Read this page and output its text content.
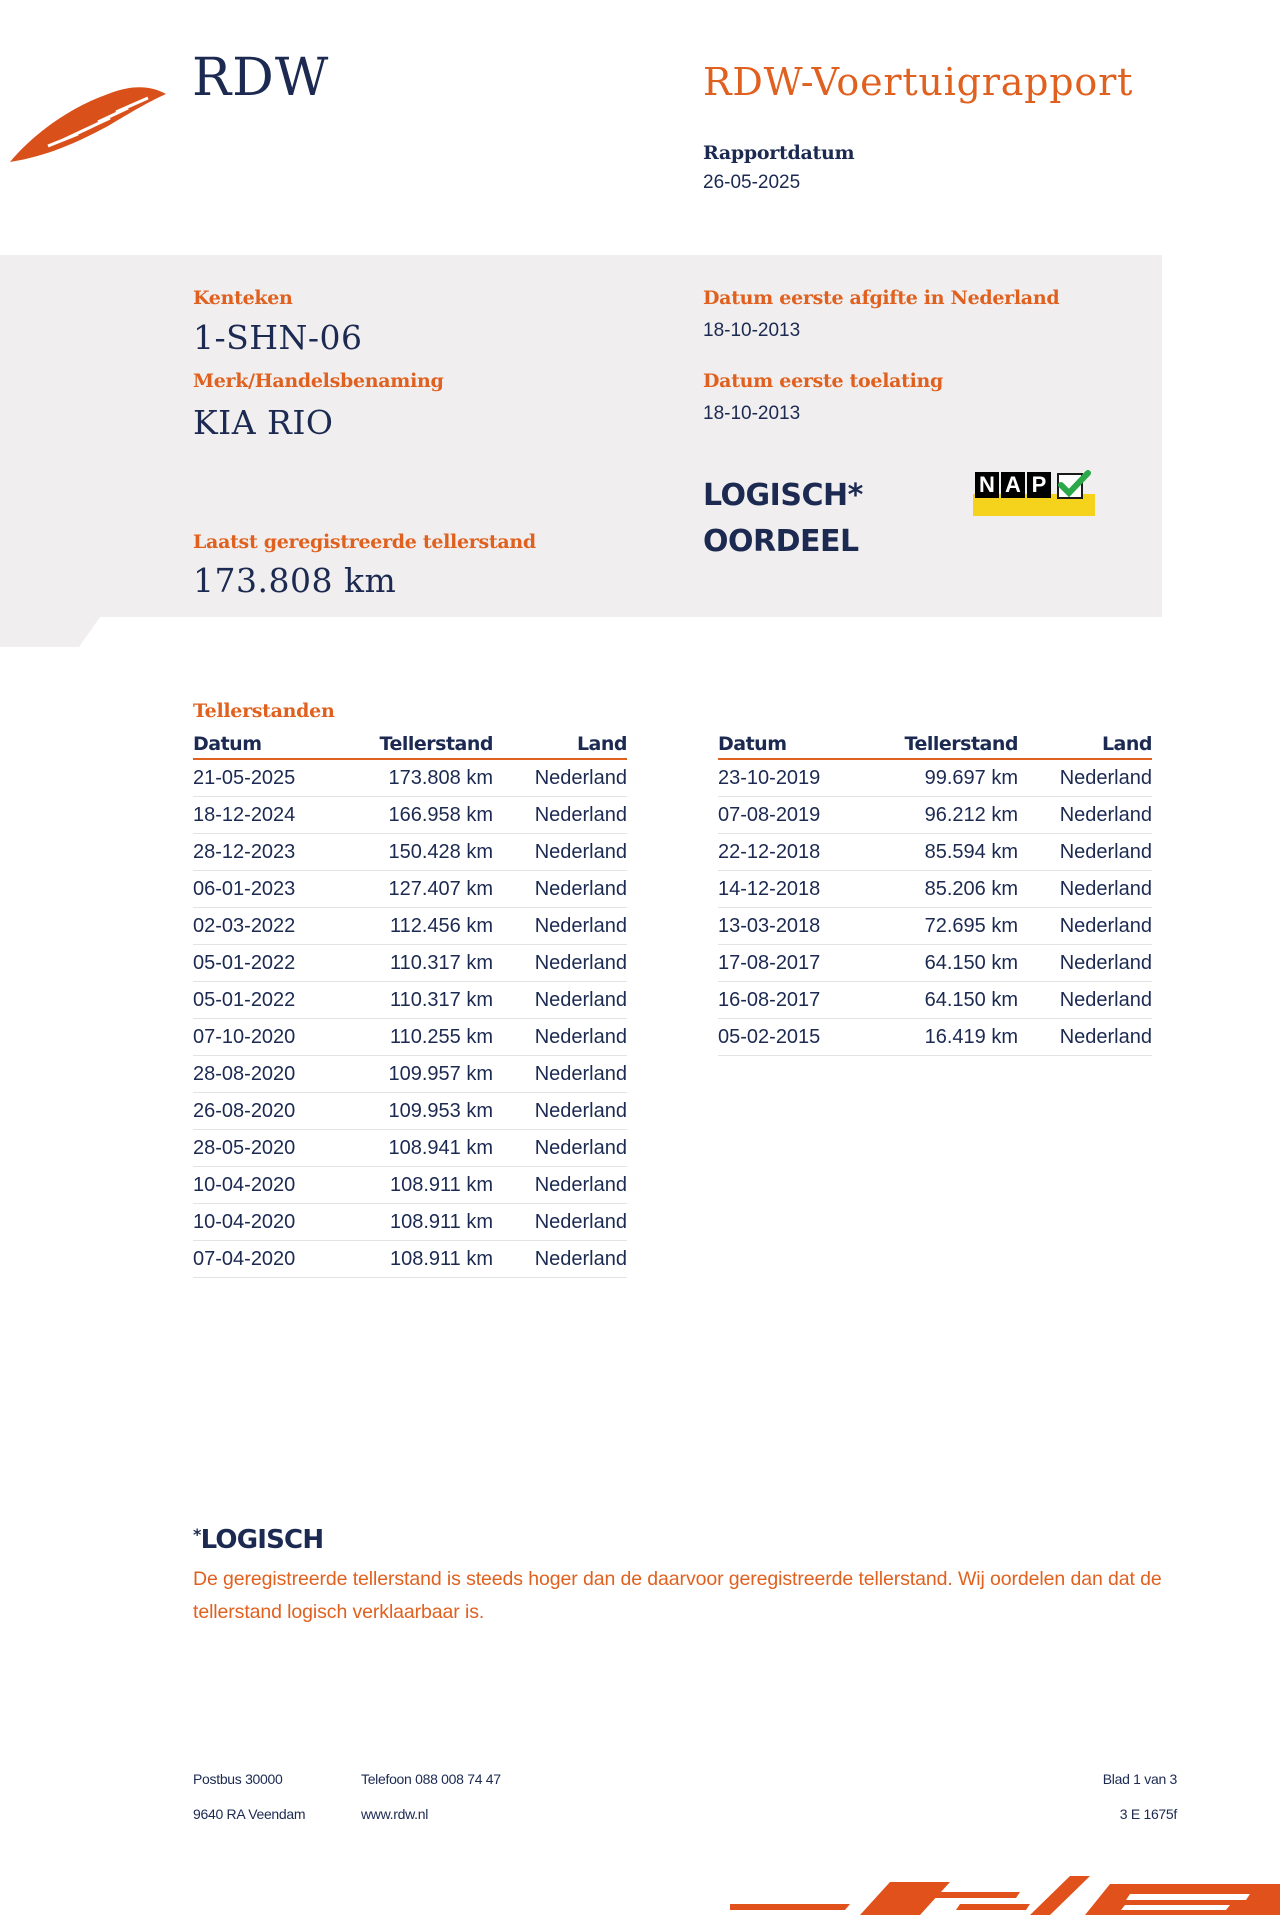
RDW	RDW-Voertuigrapport
Rapportdatum
26-05-2025
Kenteken
1-SHN-06
Merk/Handelsbenaming
KIA RIO
Datum eerste afgifte in Nederland
18-10-2013
Datum eerste toelating
18-10-2013
Laatst geregistreerde tellerstand
173.808 km
LOGISCH*
OORDEEL
N A P
Tellerstanden
Datum	Tellerstand	Land
21-05-2025	173.808 km	Nederland
18-12-2024	166.958 km	Nederland
28-12-2023	150.428 km	Nederland
06-01-2023	127.407 km	Nederland
02-03-2022	112.456 km	Nederland
05-01-2022	110.317 km	Nederland
05-01-2022	110.317 km	Nederland
07-10-2020	110.255 km	Nederland
28-08-2020	109.957 km	Nederland
26-08-2020	109.953 km	Nederland
28-05-2020	108.941 km	Nederland
10-04-2020	108.911 km	Nederland
10-04-2020	108.911 km	Nederland
07-04-2020	108.911 km	Nederland
Datum	Tellerstand	Land
23-10-2019	99.697 km	Nederland
07-08-2019	96.212 km	Nederland
22-12-2018	85.594 km	Nederland
14-12-2018	85.206 km	Nederland
13-03-2018	72.695 km	Nederland
17-08-2017	64.150 km	Nederland
16-08-2017	64.150 km	Nederland
05-02-2015	16.419 km	Nederland
*LOGISCH
De geregistreerde tellerstand is steeds hoger dan de daarvoor geregistreerde tellerstand. Wij oordelen dan dat de tellerstand logisch verklaarbaar is.
Postbus 30000
9640 RA Veendam
Telefoon 088 008 74 47
www.rdw.nl
Blad 1 van 3
3 E 1675f
